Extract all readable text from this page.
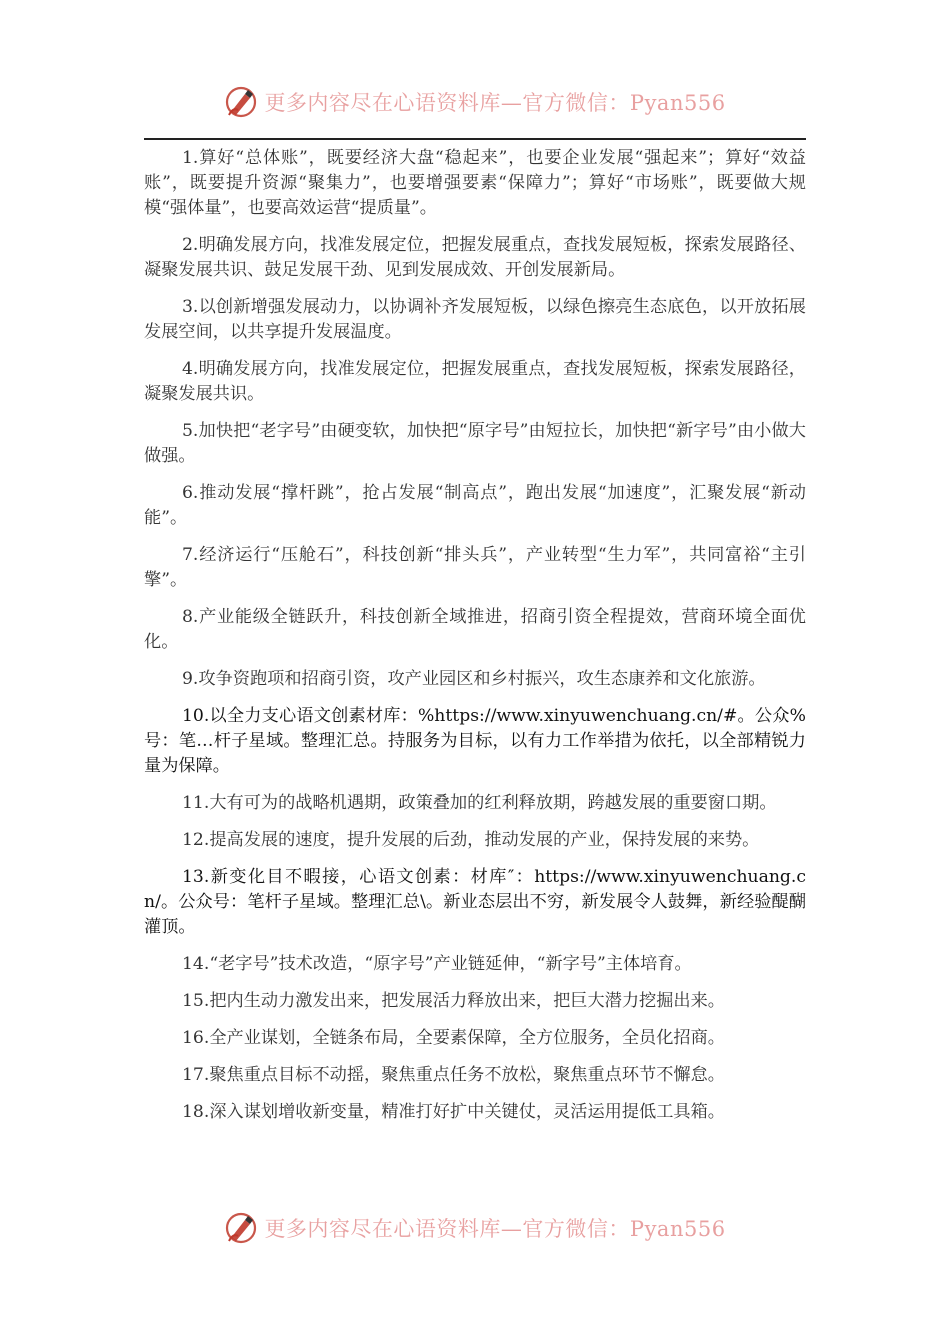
更多内容尽在心语资料库—官方微信：Pyan556

1.算好“总体账”，既要经济大盘“稳起来”，也要企业发展“强起来”；算好“效益账”，既要提升资源“聚集力”，也要增强要素“保障力”；算好“市场账”，既要做大规模“强体量”，也要高效运营“提质量”。

2.明确发展方向，找准发展定位，把握发展重点，查找发展短板，探索发展路径、凝聚发展共识、鼓足发展干劲、见到发展成效、开创发展新局。

3.以创新增强发展动力，以协调补齐发展短板，以绿色擦亮生态底色，以开放拓展发展空间，以共享提升发展温度。

4.明确发展方向，找准发展定位，把握发展重点，查找发展短板，探索发展路径，凝聚发展共识。

5.加快把“老字号”由硬变软，加快把“原字号”由短拉长，加快把“新字号”由小做大做强。

6.推动发展“撑杆跳”，抢占发展“制高点”，跑出发展“加速度”，汇聚发展“新动能”。

7.经济运行“压舱石”，科技创新“排头兵”，产业转型“生力军”，共同富裕“主引擎”。

8.产业能级全链跃升，科技创新全域推进，招商引资全程提效，营商环境全面优化。

9.攻争资跑项和招商引资，攻产业园区和乡村振兴，攻生态康养和文化旅游。

10.以全力支心语文创素材库：%https://www.xinyuwenchuang.cn/#。公众%号：笔…杆子星域。整理汇总。持服务为目标，以有力工作举措为依托，以全部精锐力量为保障。

11.大有可为的战略机遇期，政策叠加的红利释放期，跨越发展的重要窗口期。

12.提高发展的速度，提升发展的后劲，推动发展的产业，保持发展的来势。

13.新变化目不暇接，心语文创素：材库″：https://www.xinyuwenchuang.cn/。公众号：笔杆子星域。整理汇总\。新业态层出不穷，新发展令人鼓舞，新经验醍醐灌顶。

14.“老字号”技术改造，“原字号”产业链延伸，“新字号”主体培育。

15.把内生动力激发出来，把发展活力释放出来，把巨大潜力挖掘出来。

16.全产业谋划，全链条布局，全要素保障，全方位服务，全员化招商。

17.聚焦重点目标不动摇，聚焦重点任务不放松，聚焦重点环节不懈怠。

18.深入谋划增收新变量，精准打好扩中关键仗，灵活运用提低工具箱。

更多内容尽在心语资料库—官方微信：Pyan556
